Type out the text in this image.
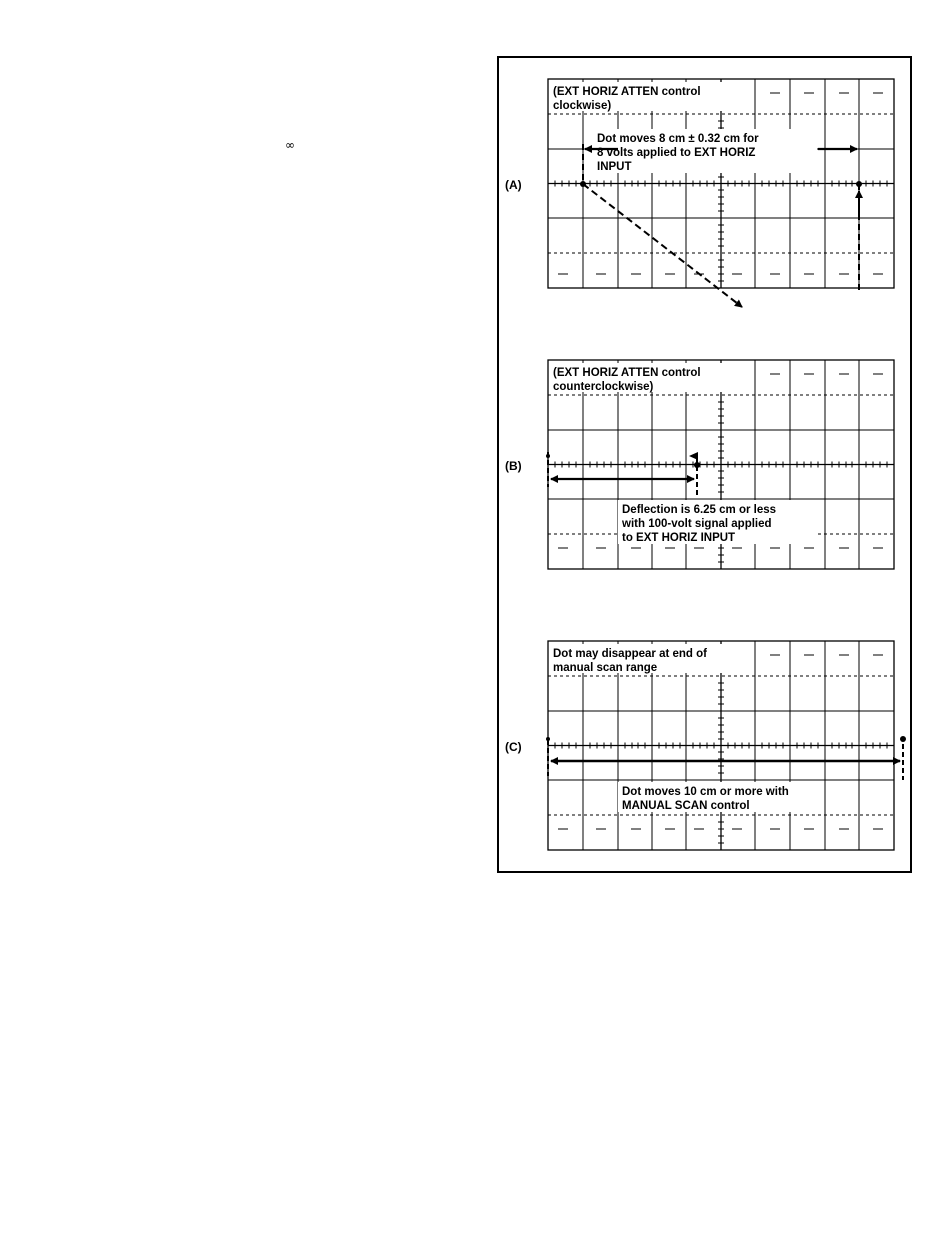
∞
(A)
(EXT HORIZ ATTEN control clockwise)
Dot moves 8 cm ± 0.32 cm for 8 volts applied to EXT HORIZ INPUT
(B)
(EXT HORIZ ATTEN control counterclockwise)
Deflection is 6.25 cm or less with 100-volt signal applied to EXT HORIZ INPUT
(C)
Dot may disappear at end of manual scan range
Dot moves 10 cm or more with MANUAL SCAN control
